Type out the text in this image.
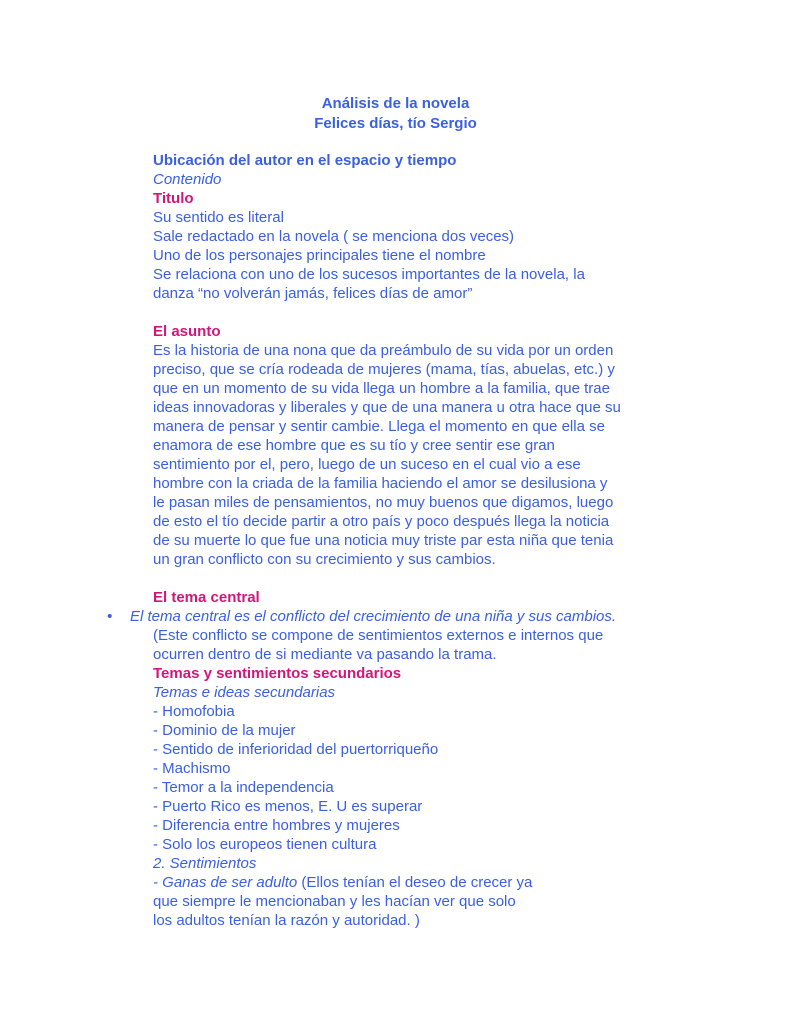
Análisis de la novela
Felices días, tío Sergio
Ubicación del autor en el espacio y tiempo
Contenido
Titulo
Su sentido es literal
Sale redactado en la novela ( se menciona dos veces)
Uno de los personajes principales tiene el nombre
Se relaciona con uno de los sucesos importantes de la novela, la
danza “no volverán jamás, felices días de amor”
El asunto
Es la historia de una nona que da preámbulo de su vida por un orden
preciso, que se cría rodeada de mujeres (mama, tías, abuelas, etc.) y
que en un momento de su vida llega un hombre a la familia, que trae
ideas innovadoras y liberales y que de una manera u otra hace que su
manera de pensar y sentir cambie. Llega el momento en que ella se
enamora de ese hombre que es su tío y cree sentir ese gran
sentimiento por el, pero, luego de un suceso en el cual vio a ese
hombre con la criada de la familia haciendo el amor se desilusiona y
le pasan miles de pensamientos, no muy buenos que digamos, luego
de esto el tío decide partir a otro país y poco después llega la noticia
de su muerte lo que fue una noticia muy triste par esta niña que tenia
un gran conflicto con su crecimiento y sus cambios.
El tema central
• El tema central es el conflicto del crecimiento de una niña y sus cambios.
(Este conflicto se compone de sentimientos externos e internos que
ocurren dentro de si mediante va pasando la trama.
Temas y sentimientos secundarios
Temas e ideas secundarias
- Homofobia
- Dominio de la mujer
- Sentido de inferioridad del puertorriqueño
- Machismo
- Temor a la independencia
- Puerto Rico es menos, E. U es superar
- Diferencia entre hombres y mujeres
- Solo los europeos tienen cultura
2. Sentimientos
- Ganas de ser adulto (Ellos tenían el deseo de crecer ya
que siempre le mencionaban y les hacían ver que solo
los adultos tenían la razón y autoridad. )
